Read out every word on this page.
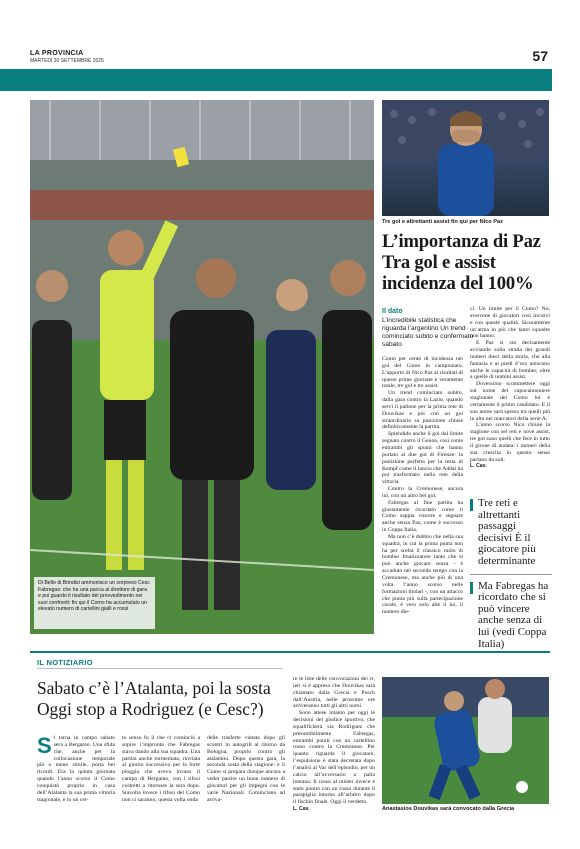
LA PROVINCIA
MARTEDÌ 30 SETTEMBRE 2025	57
Di Bello di Brindisi ammonisce un sorpreso Cesc Fabregas: che ha una pacca ai direttore di gara e poi guardo il risultato del provvedimento nei suoi confronti: fin qui il Como ha accumulato un elevato numero di cartellini gialli e rossi
Tre gol e altrettanti assist fin qui per Nico Paz
L’importanza di Paz Tra gol e assist incidenza del 100%
Il dato
L’incredibile statistica che riguarda l’argentino Un trend cominciato subito e confermato sabato

Conto per cento di incidenza nei gol del Como in campionato. L’apporto di Nico Paz ai risultati di queste prime giornate è veramente totale, tre gol e tre assist.

Un trend cominciato subito, dalla gara contro la Lazio, quando servì il pallone per la prima rete di Douvikas e poi con un gol straordinario su punizione chiuse definitivamente la partita.

Splendido anche il gol dal limite segnato contro il Genoa, così come entrambi gli spunti che hanno portato ai due gol di Firenze: la punizione perfetta per la testa di Kempf come il lancio che Addai ha poi trasformato nella rete della vittoria.

Contro la Cremonese, ancora lui, con un altro bel gol.

Fabregas al fine partita ha giustamente ricordato come il Como sappia vincere e segnare anche senza Paz, come è successo in Coppa Italia.

Ma non c’è dubbio che nella sua squadra, in cui la prima punta non ha per scelta il classico ruolo di bomber finalizzatore tanto che si può anche giocare senza - è accaduto nel secondo tempo con la Cremonese, ma anche più di una volta l’anno scorso nelle formazioni titolari -, con un attacco che punta più sulla partecipazione corale, è vero solo altè il lui, il numero die-

ci. Un limite per il Como? No, avercene di giocatori così incisivi e con queste qualità. Sicuramente un’arma in più che tanto squadre non hanno.

E Paz si sta decisamente avviando sulla strada dei grandi numeri dieci della storia, che alla fantasia e ai piedi d’oro uniscono anche le capacità di bomber, oltre a quelle di uomini assist.

Dovessimo scommettere oggi sul nome del capocannoniere stagionale del Como lui è certamente il primo candidato. E il suo nome sarà spesso tra quelli più in alto nei marcatori della serie A.

L’anno scorso Nico chiuse la stagione con sei reti e nove assist, tre gol sono quelli che fece in tutto il girone di andata: i numeri della sua crescita in questo senso parlano da soli.

L. Cav.

Tre reti e altrettanti passaggi decisivi È il giocatore più determinante
Ma Fabregas ha ricordato che si può vincere anche senza di lui (vedi Coppa Italia)
IL NOTIZIARIO
Sabato c’è l’Atalanta, poi la sosta Oggi stop a Rodriguez (e Cesc?)
S i torna in campo sabato sera a Bergamo. Una sfida che, anche per la collocazione temporale più o meno simile, porta bei ricordi. Era la quinta giornata quando l’anno scorso il Como conquistò proprio in casa dell’Atalanta la sua prima vittoria stagionale, e in un cer-

to senso fu il che ci cominciò a sopire l’impronta che Fabregas stava dando alla sua squadra. Una partita anche tormentata, rinviata al giorno successivo per la forte pioggia che aveva invaso il campo di Bergamo, con i tifosi costretti a ritornare la sera dopo. Stavolta invece i tifosi del Como non ci saranno, questa volta onda

delle trasferte vietata dopo gli scontri in autogrill al ritorno da Bologna, proprio contro gli atalantini. Dopo questa gara, la seconda sosta della stagione: e il Como si prepara dunque ancora a veder partire un buon numero di giocatori per gli impegni con le varie Nazionali. Cominciano ad arriva-

re le liste delle convocazioni dei ct, ieri si è appreso che Douvikas sarà chiamato dalla Grecia e Posch dall’Austria, nelle prossime ore arriveranno tutti gli altri nomi.

Sono attese intanto per oggi le decisioni del giudice sportivo, che squalificherà sia Rodriguez che presumibilmente Fabregas, entrambi puniti con un cartellino rosso contro la Cremonese. Per quanto riguarda il giocatore, l’espulsione è stata decretata dopo l’analisi al Var dell’episodio, per un calcio all’avversario a palla lontana. Il rosso al mister invece è stato punito con un rosso durante il parapiglia intorno all’arbitro dopo il fischio finale. Oggi il verdetto.

L. Cav.	Anastasios Douvikas sarà convocato dalla Grecia
